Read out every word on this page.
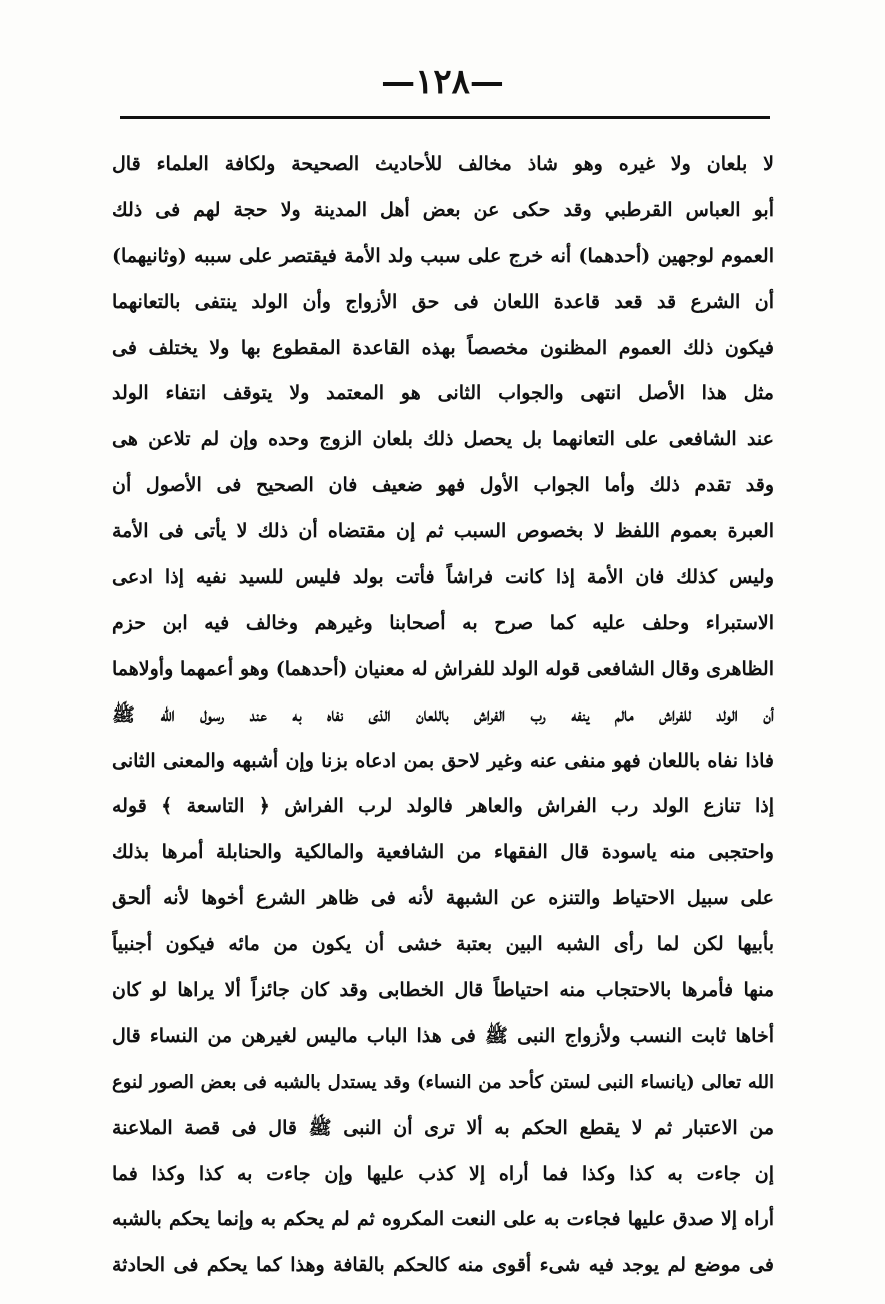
—١٢٨—
لا بلعان ولا غيره وهو شاذ مخالف للأحاديث الصحيحة ولكافة العلماء قال
أبو العباس القرطبي وقد حكى عن بعض أهل المدينة ولا حجة لهم فى ذلك
العموم لوجهين (أحدهما) أنه خرج على سبب ولد الأمة فيقتصر على سببه (وثانيهما)
أن الشرع قد قعد قاعدة اللعان فى حق الأزواج وأن الولد ينتفى بالتعانهما
فيكون ذلك العموم المظنون مخصصاً بهذه القاعدة المقطوع بها ولا يختلف فى
مثل هذا الأصل انتهى والجواب الثانى هو المعتمد ولا يتوقف انتفاء الولد
عند الشافعى على التعانهما بل يحصل ذلك بلعان الزوج وحده وإن لم تلاعن هى
وقد تقدم ذلك وأما الجواب الأول فهو ضعيف فان الصحيح فى الأصول أن
العبرة بعموم اللفظ لا بخصوص السبب ثم إن مقتضاه أن ذلك لا يأتى فى الأمة
وليس كذلك فان الأمة إذا كانت فراشاً فأتت بولد فليس للسيد نفيه إذا ادعى
الاستبراء وحلف عليه كما صرح به أصحابنا وغيرهم وخالف فيه ابن حزم
الظاهرى وقال الشافعى قوله الولد للفراش له معنيان (أحدهما) وهو أعمهما وأولاهما
أن الولد للفراش مالم ينفه رب الفراش باللعان الذى نفاه به عند رسول الله ﷺ
فاذا نفاه باللعان فهو منفى عنه وغير لاحق بمن ادعاه بزنا وإن أشبهه والمعنى الثانى
إذا تنازع الولد رب الفراش والعاهر فالولد لرب الفراش ﴿ التاسعة ﴾ قوله
واحتجبى منه ياسودة قال الفقهاء من الشافعية والمالكية والحنابلة أمرها بذلك
على سبيل الاحتياط والتنزه عن الشبهة لأنه فى ظاهر الشرع أخوها لأنه ألحق
بأبيها لكن لما رأى الشبه البين بعتبة خشى أن يكون من مائه فيكون أجنبياً
منها فأمرها بالاحتجاب منه احتياطاً قال الخطابى وقد كان جائزاً ألا يراها لو كان
أخاها ثابت النسب ولأزواج النبى ﷺ فى هذا الباب ماليس لغيرهن من النساء قال
الله تعالى (يانساء النبى لستن كأحد من النساء) وقد يستدل بالشبه فى بعض الصور لنوع
من الاعتبار ثم لا يقطع الحكم به ألا ترى أن النبى ﷺ قال فى قصة الملاعنة
إن جاءت به كذا وكذا فما أراه إلا كذب عليها وإن جاءت به كذا وكذا فما
أراه إلا صدق عليها فجاءت به على النعت المكروه ثم لم يحكم به وإنما يحكم بالشبه
فى موضع لم يوجد فيه شىء أقوى منه كالحكم بالقافة وهذا كما يحكم فى الحادثة
